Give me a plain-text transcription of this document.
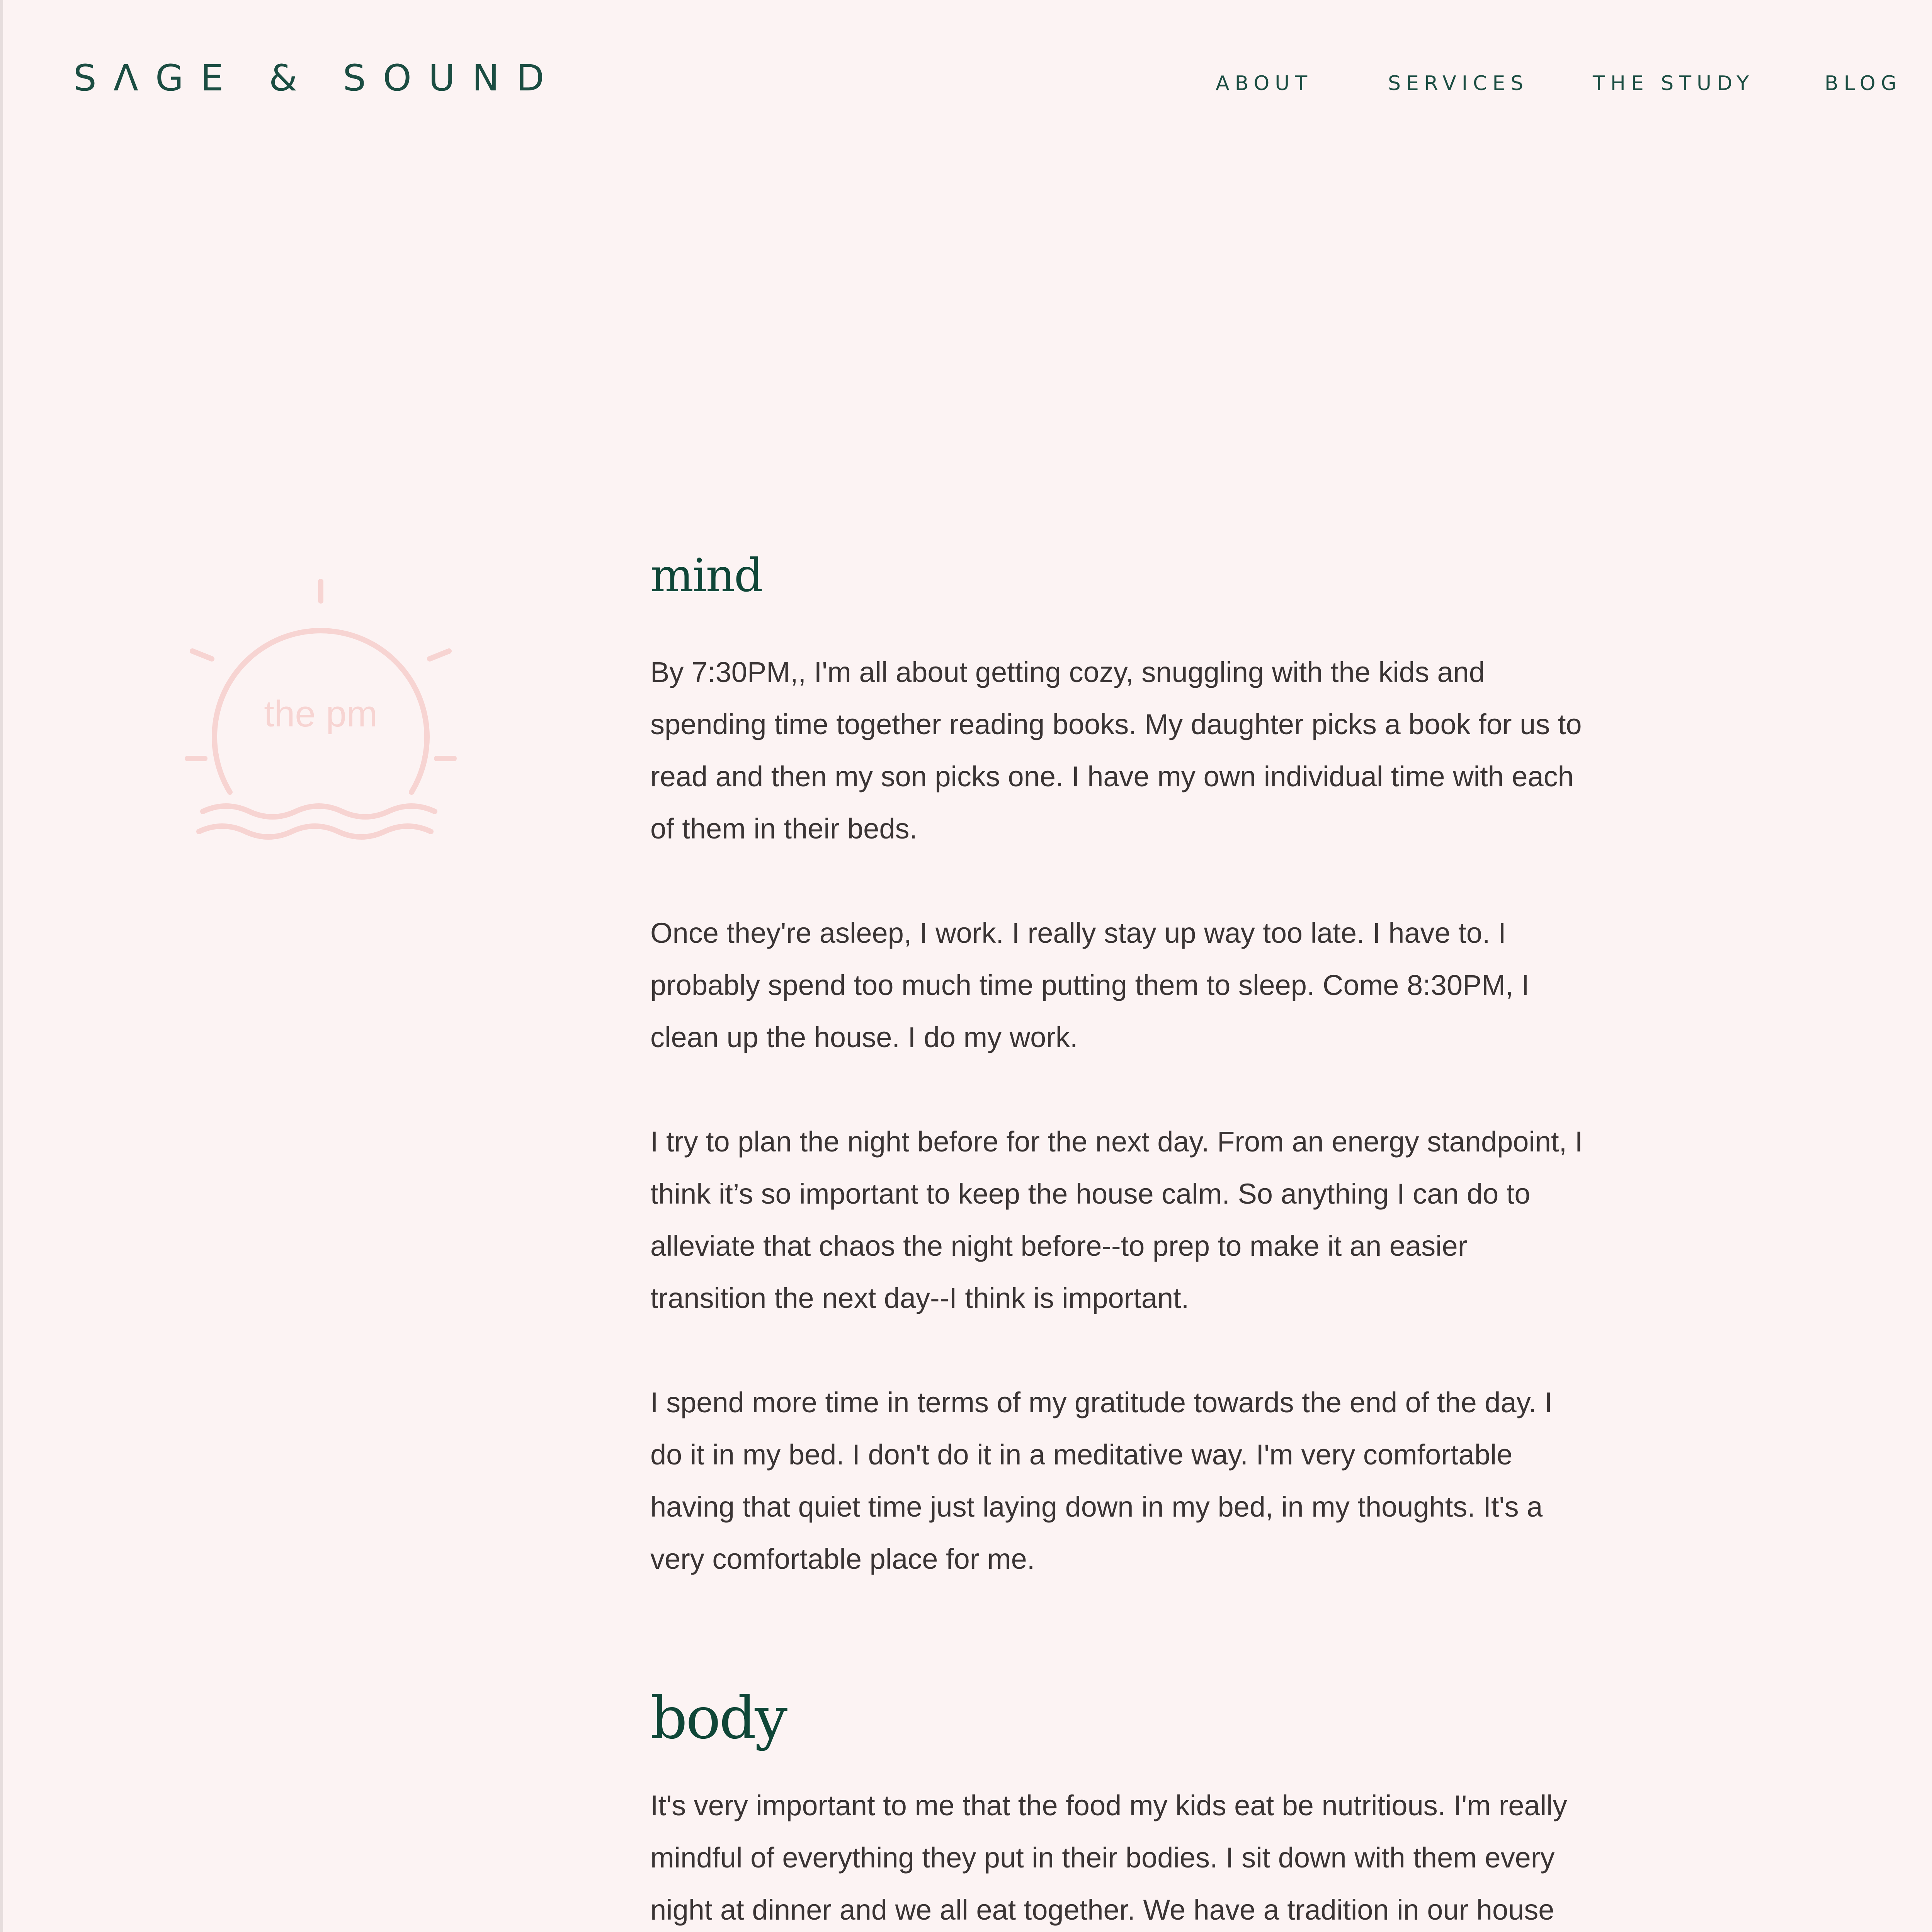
SΛGE & SOUND	ABOUT	SERVICES	THE STUDY	BLOG
the pm
mind

By 7:30PM,, I'm all about getting cozy, snuggling with the kids and spending time together reading books. My daughter picks a book for us to read and then my son picks one. I have my own individual time with each of them in their beds.

Once they're asleep, I work. I really stay up way too late. I have to. I probably spend too much time putting them to sleep. Come 8:30PM, I clean up the house. I do my work.

I try to plan the night before for the next day. From an energy standpoint, I think it’s so important to keep the house calm. So anything I can do to alleviate that chaos the night before--to prep to make it an easier transition the next day--I think is important.

I spend more time in terms of my gratitude towards the end of the day. I do it in my bed. I don't do it in a meditative way. I'm very comfortable having that quiet time just laying down in my bed, in my thoughts. It's a very comfortable place for me.

body

It's very important to me that the food my kids eat be nutritious. I'm really mindful of everything they put in their bodies. I sit down with them every night at dinner and we all eat together. We have a tradition in our house
